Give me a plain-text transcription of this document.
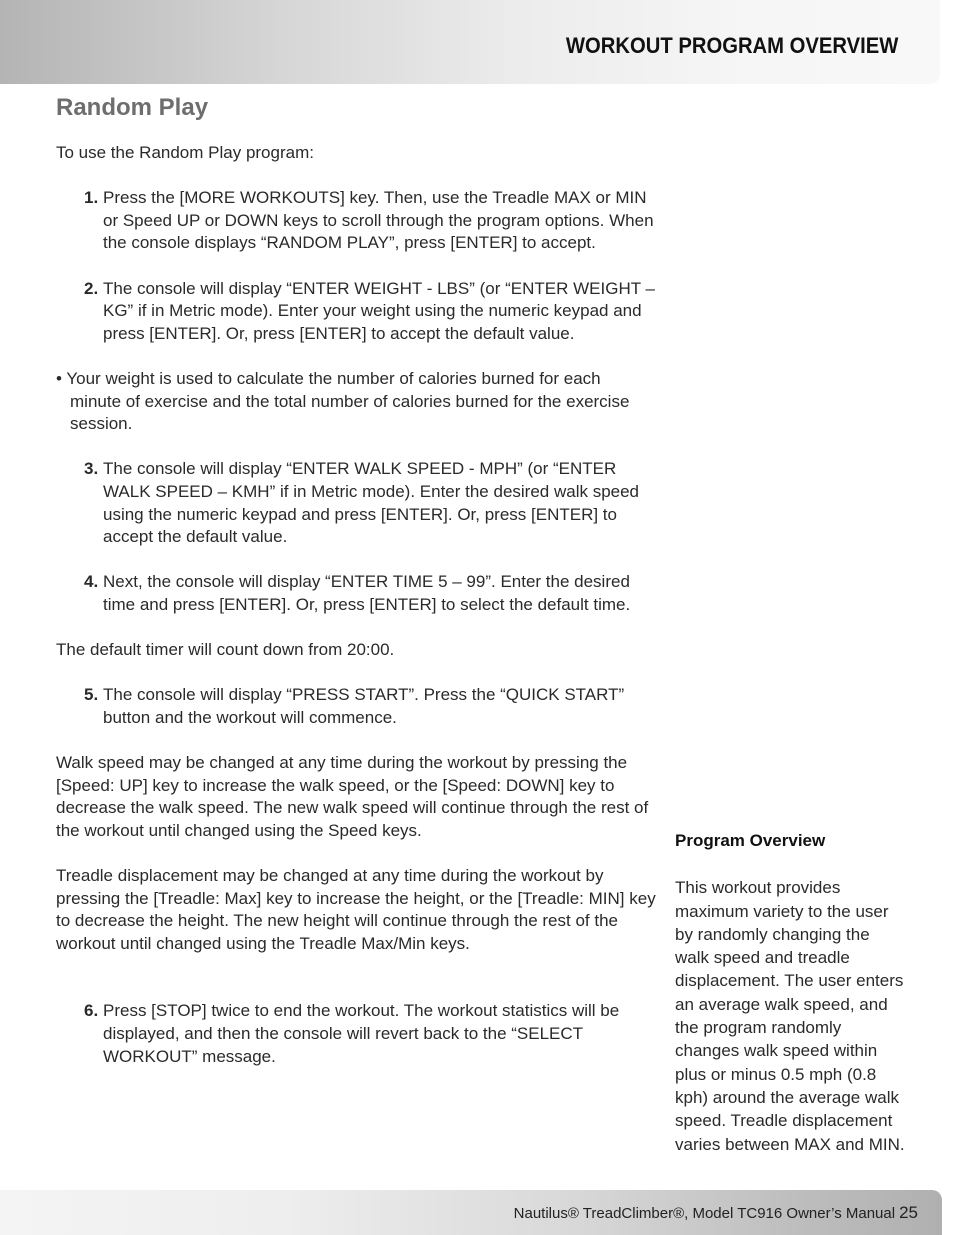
WORKOUT PROGRAM OVERVIEW
Random Play

To use the Random Play program:

1. Press the [MORE WORKOUTS] key. Then, use the Treadle MAX or MIN or Speed UP or DOWN keys to scroll through the program options. When the console displays “RANDOM PLAY”, press [ENTER] to accept.
2. The console will display “ENTER WEIGHT - LBS” (or “ENTER WEIGHT – KG” if in Metric mode). Enter your weight using the numeric keypad and press [ENTER]. Or, press [ENTER] to accept the default value.

• Your weight is used to calculate the number of calories burned for each minute of exercise and the total number of calories burned for the exercise session.

3. The console will display “ENTER WALK SPEED - MPH” (or “ENTER WALK SPEED – KMH” if in Metric mode). Enter the desired walk speed using the numeric keypad and press [ENTER]. Or, press [ENTER] to accept the default value.
4. Next, the console will display “ENTER TIME 5 – 99”. Enter the desired time and press [ENTER]. Or, press [ENTER] to select the default time.

The default timer will count down from 20:00.

5. The console will display “PRESS START”. Press the “QUICK START” button and the workout will commence.

Walk speed may be changed at any time during the workout by pressing the [Speed: UP] key to increase the walk speed, or the [Speed: DOWN] key to decrease the walk speed. The new walk speed will continue through the rest of the workout until changed using the Speed keys.

Treadle displacement may be changed at any time during the workout by pressing the [Treadle: Max] key to increase the height, or the [Treadle: MIN] key to decrease the height. The new height will continue through the rest of the workout until changed using the Treadle Max/Min keys.

6. Press [STOP] twice to end the workout. The workout statistics will be displayed, and then the console will revert back to the “SELECT WORKOUT” message.

Program Overview

This workout provides maximum variety to the user by randomly changing the walk speed and treadle displacement. The user enters an average walk speed, and the program randomly changes walk speed within plus or minus 0.5 mph (0.8 kph) around the average walk speed. Treadle displacement varies between MAX and MIN.

Nautilus® TreadClimber®, Model TC916 Owner’s Manual 25
